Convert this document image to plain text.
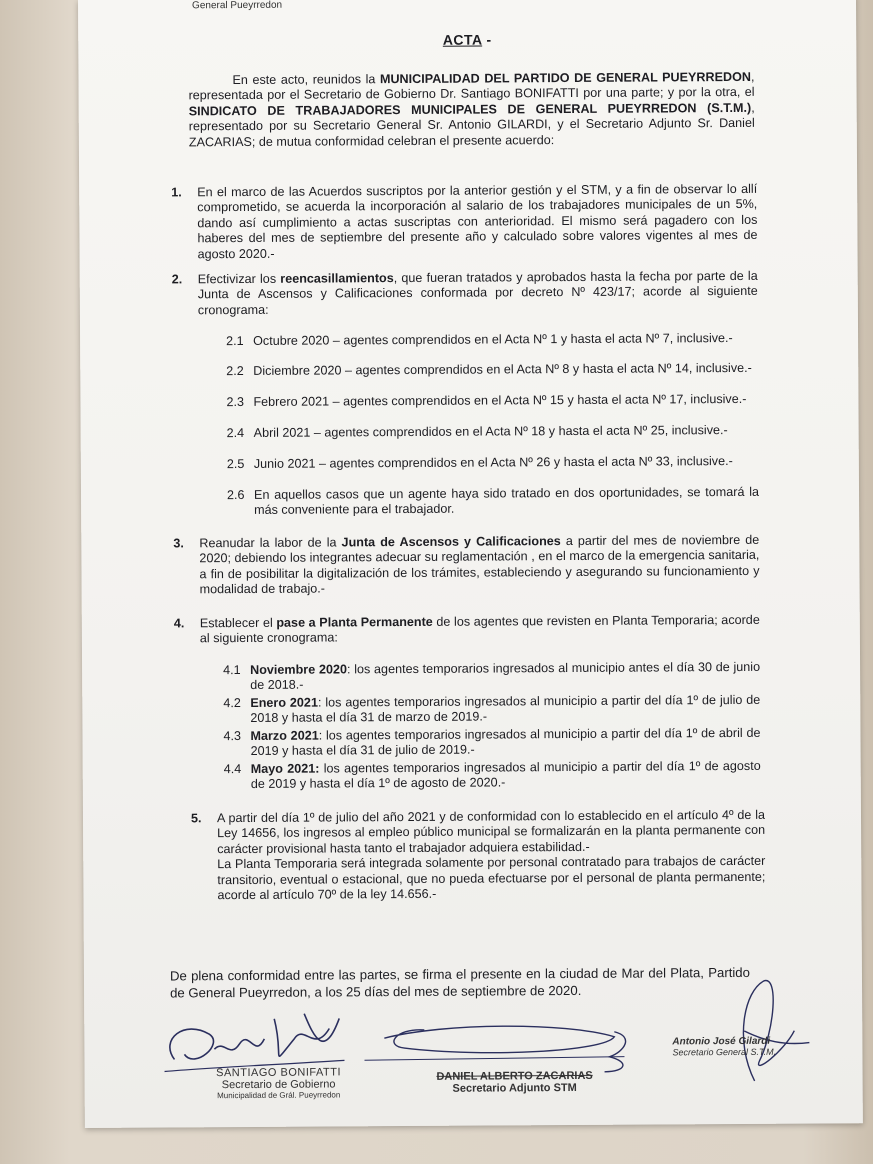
General Pueyrredon
ACTA -
En este acto, reunidos la MUNICIPALIDAD DEL PARTIDO DE GENERAL PUEYRREDON, representada por el Secretario de Gobierno Dr. Santiago BONIFATTI por una parte; y por la otra, el SINDICATO DE TRABAJADORES MUNICIPALES DE GENERAL PUEYRREDON (S.T.M.), representado por su Secretario General Sr. Antonio GILARDI, y el Secretario Adjunto Sr. Daniel ZACARIAS; de mutua conformidad celebran el presente acuerdo:
1. En el marco de las Acuerdos suscriptos por la anterior gestión y el STM, y a fin de observar lo allí comprometido, se acuerda la incorporación al salario de los trabajadores municipales de un 5%, dando así cumplimiento a actas suscriptas con anterioridad. El mismo será pagadero con los haberes del mes de septiembre del presente año y calculado sobre valores vigentes al mes de agosto 2020.-
2. Efectivizar los reencasillamientos, que fueran tratados y aprobados hasta la fecha por parte de la Junta de Ascensos y Calificaciones conformada por decreto Nº 423/17; acorde al siguiente cronograma:
2.1 Octubre 2020 – agentes comprendidos en el Acta Nº 1 y hasta el acta Nº 7, inclusive.-
2.2 Diciembre 2020 – agentes comprendidos en el Acta Nº 8 y hasta el acta Nº 14, inclusive.-
2.3 Febrero 2021 – agentes comprendidos en el Acta Nº 15 y hasta el acta Nº 17, inclusive.-
2.4 Abril 2021 – agentes comprendidos en el Acta Nº 18 y hasta el acta Nº 25, inclusive.-
2.5 Junio 2021 – agentes comprendidos en el Acta Nº 26 y hasta el acta Nº 33, inclusive.-
2.6 En aquellos casos que un agente haya sido tratado en dos oportunidades, se tomará la más conveniente para el trabajador.
3. Reanudar la labor de la Junta de Ascensos y Calificaciones a partir del mes de noviembre de 2020; debiendo los integrantes adecuar su reglamentación , en el marco de la emergencia sanitaria, a fin de posibilitar la digitalización de los trámites, estableciendo y asegurando su funcionamiento y modalidad de trabajo.-
4. Establecer el pase a Planta Permanente de los agentes que revisten en Planta Temporaria; acorde al siguiente cronograma:
4.1 Noviembre 2020: los agentes temporarios ingresados al municipio antes el día 30 de junio de 2018.-
4.2 Enero 2021: los agentes temporarios ingresados al municipio a partir del día 1º de julio de 2018 y hasta el día 31 de marzo de 2019.-
4.3 Marzo 2021: los agentes temporarios ingresados al municipio a partir del día 1º de abril de 2019 y hasta el día 31 de julio de 2019.-
4.4 Mayo 2021: los agentes temporarios ingresados al municipio a partir del día 1º de agosto de 2019 y hasta el día 1º de agosto de 2020.-
5. A partir del día 1º de julio del año 2021 y de conformidad con lo establecido en el artículo 4º de la Ley 14656, los ingresos al empleo público municipal se formalizarán en la planta permanente con carácter provisional hasta tanto el trabajador adquiera estabilidad.-
La Planta Temporaria será integrada solamente por personal contratado para trabajos de carácter transitorio, eventual o estacional, que no pueda efectuarse por el personal de planta permanente; acorde al artículo 70º de la ley 14.656.-
De plena conformidad entre las partes, se firma el presente en la ciudad de Mar del Plata, Partido de General Pueyrredon, a los 25 días del mes de septiembre de 2020.
SANTIAGO BONIFATTI
Secretario de Gobierno
Municipalidad de Grál. Pueyrredon
DANIEL ALBERTO ZACARIAS
Secretario Adjunto STM
Antonio José Gilardi
Secretario General S.T.M.
